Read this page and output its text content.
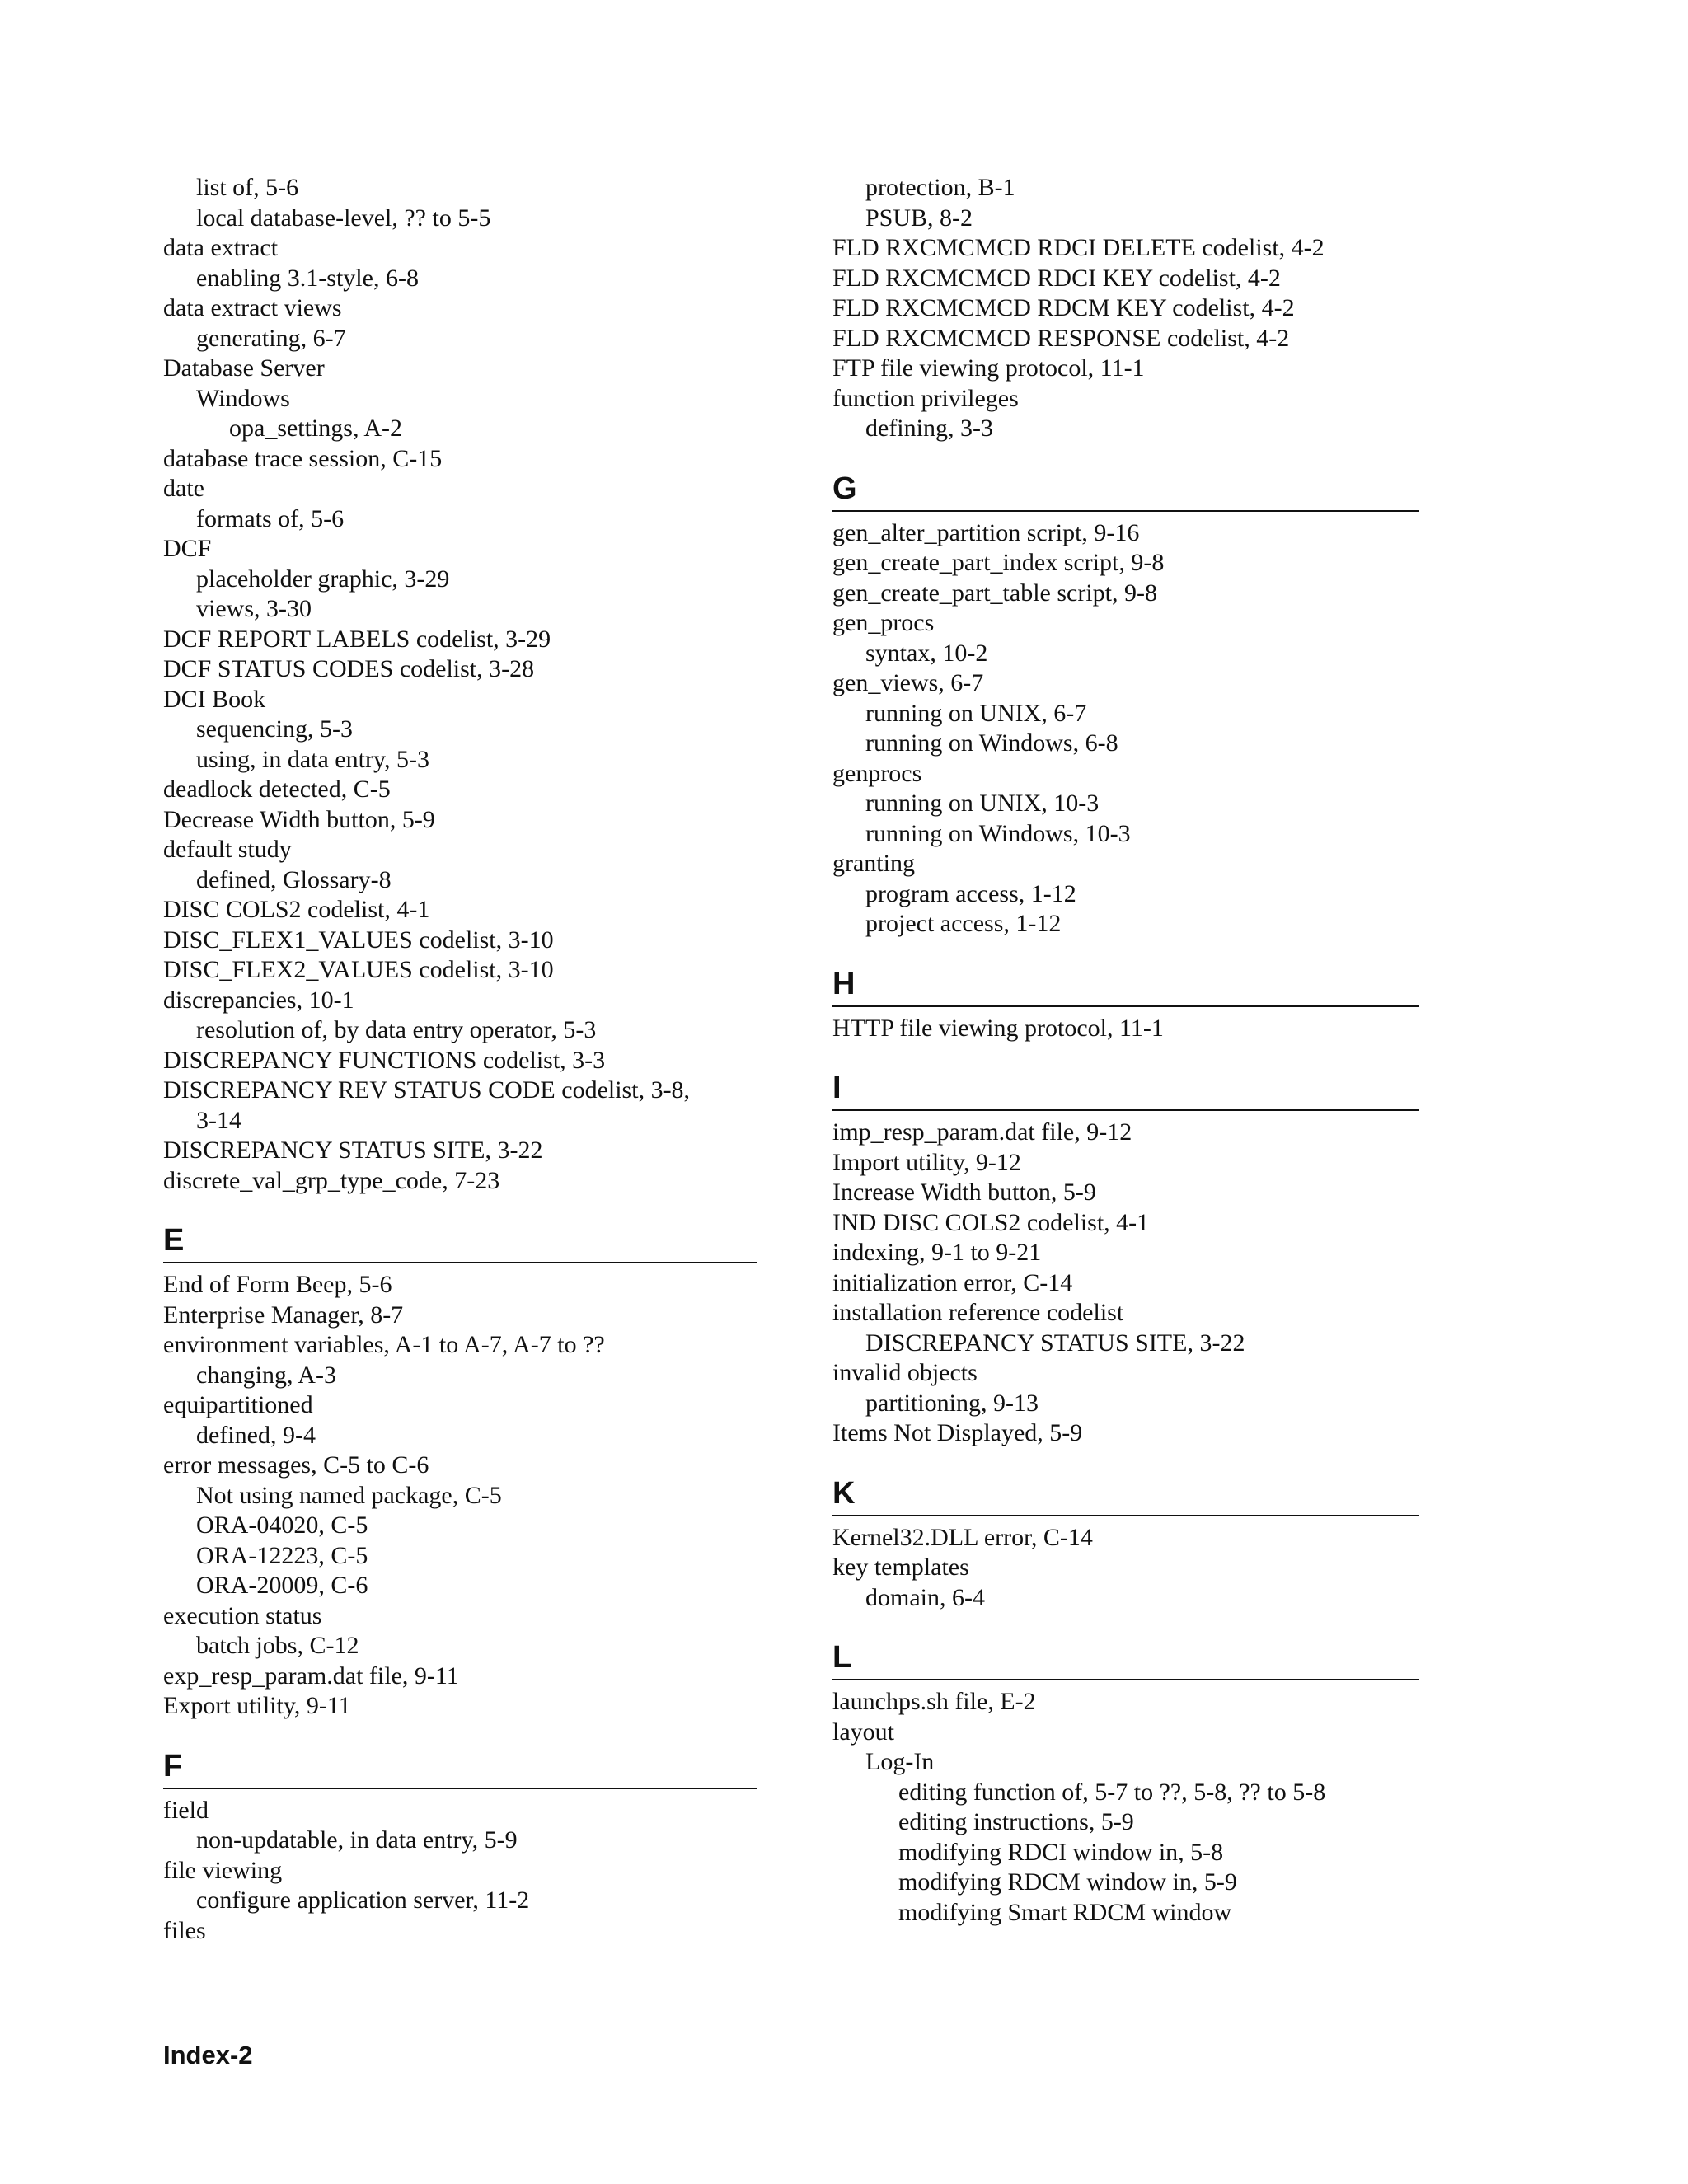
list of, 5-6
local database-level, ?? to 5-5
data extract
enabling 3.1-style, 6-8
data extract views
generating, 6-7
Database Server
Windows
opa_settings, A-2
database trace session, C-15
date
formats of, 5-6
DCF
placeholder graphic, 3-29
views, 3-30
DCF REPORT LABELS codelist, 3-29
DCF STATUS CODES codelist, 3-28
DCI Book
sequencing, 5-3
using, in data entry, 5-3
deadlock detected, C-5
Decrease Width button, 5-9
default study
defined, Glossary-8
DISC COLS2 codelist, 4-1
DISC_FLEX1_VALUES codelist, 3-10
DISC_FLEX2_VALUES codelist, 3-10
discrepancies, 10-1
resolution of, by data entry operator, 5-3
DISCREPANCY FUNCTIONS codelist, 3-3
DISCREPANCY REV STATUS CODE codelist, 3-8,
3-14
DISCREPANCY STATUS SITE, 3-22
discrete_val_grp_type_code, 7-23
E
End of Form Beep, 5-6
Enterprise Manager, 8-7
environment variables, A-1 to A-7, A-7 to ??
changing, A-3
equipartitioned
defined, 9-4
error messages, C-5 to C-6
Not using named package, C-5
ORA-04020, C-5
ORA-12223, C-5
ORA-20009, C-6
execution status
batch jobs, C-12
exp_resp_param.dat file, 9-11
Export utility, 9-11
F
field
non-updatable, in data entry, 5-9
file viewing
configure application server, 11-2
files
protection, B-1
PSUB, 8-2
FLD RXCMCMCD RDCI DELETE codelist, 4-2
FLD RXCMCMCD RDCI KEY codelist, 4-2
FLD RXCMCMCD RDCM KEY codelist, 4-2
FLD RXCMCMCD RESPONSE codelist, 4-2
FTP file viewing protocol, 11-1
function privileges
defining, 3-3
G
gen_alter_partition script, 9-16
gen_create_part_index script, 9-8
gen_create_part_table script, 9-8
gen_procs
syntax, 10-2
gen_views, 6-7
running on UNIX, 6-7
running on Windows, 6-8
genprocs
running on UNIX, 10-3
running on Windows, 10-3
granting
program access, 1-12
project access, 1-12
H
HTTP file viewing protocol, 11-1
I
imp_resp_param.dat file, 9-12
Import utility, 9-12
Increase Width button, 5-9
IND DISC COLS2 codelist, 4-1
indexing, 9-1 to 9-21
initialization error, C-14
installation reference codelist
DISCREPANCY STATUS SITE, 3-22
invalid objects
partitioning, 9-13
Items Not Displayed, 5-9
K
Kernel32.DLL error, C-14
key templates
domain, 6-4
L
launchps.sh file, E-2
layout
Log-In
editing function of, 5-7 to ??, 5-8, ?? to 5-8
editing instructions, 5-9
modifying RDCI window in, 5-8
modifying RDCM window in, 5-9
modifying Smart RDCM window
Index-2
